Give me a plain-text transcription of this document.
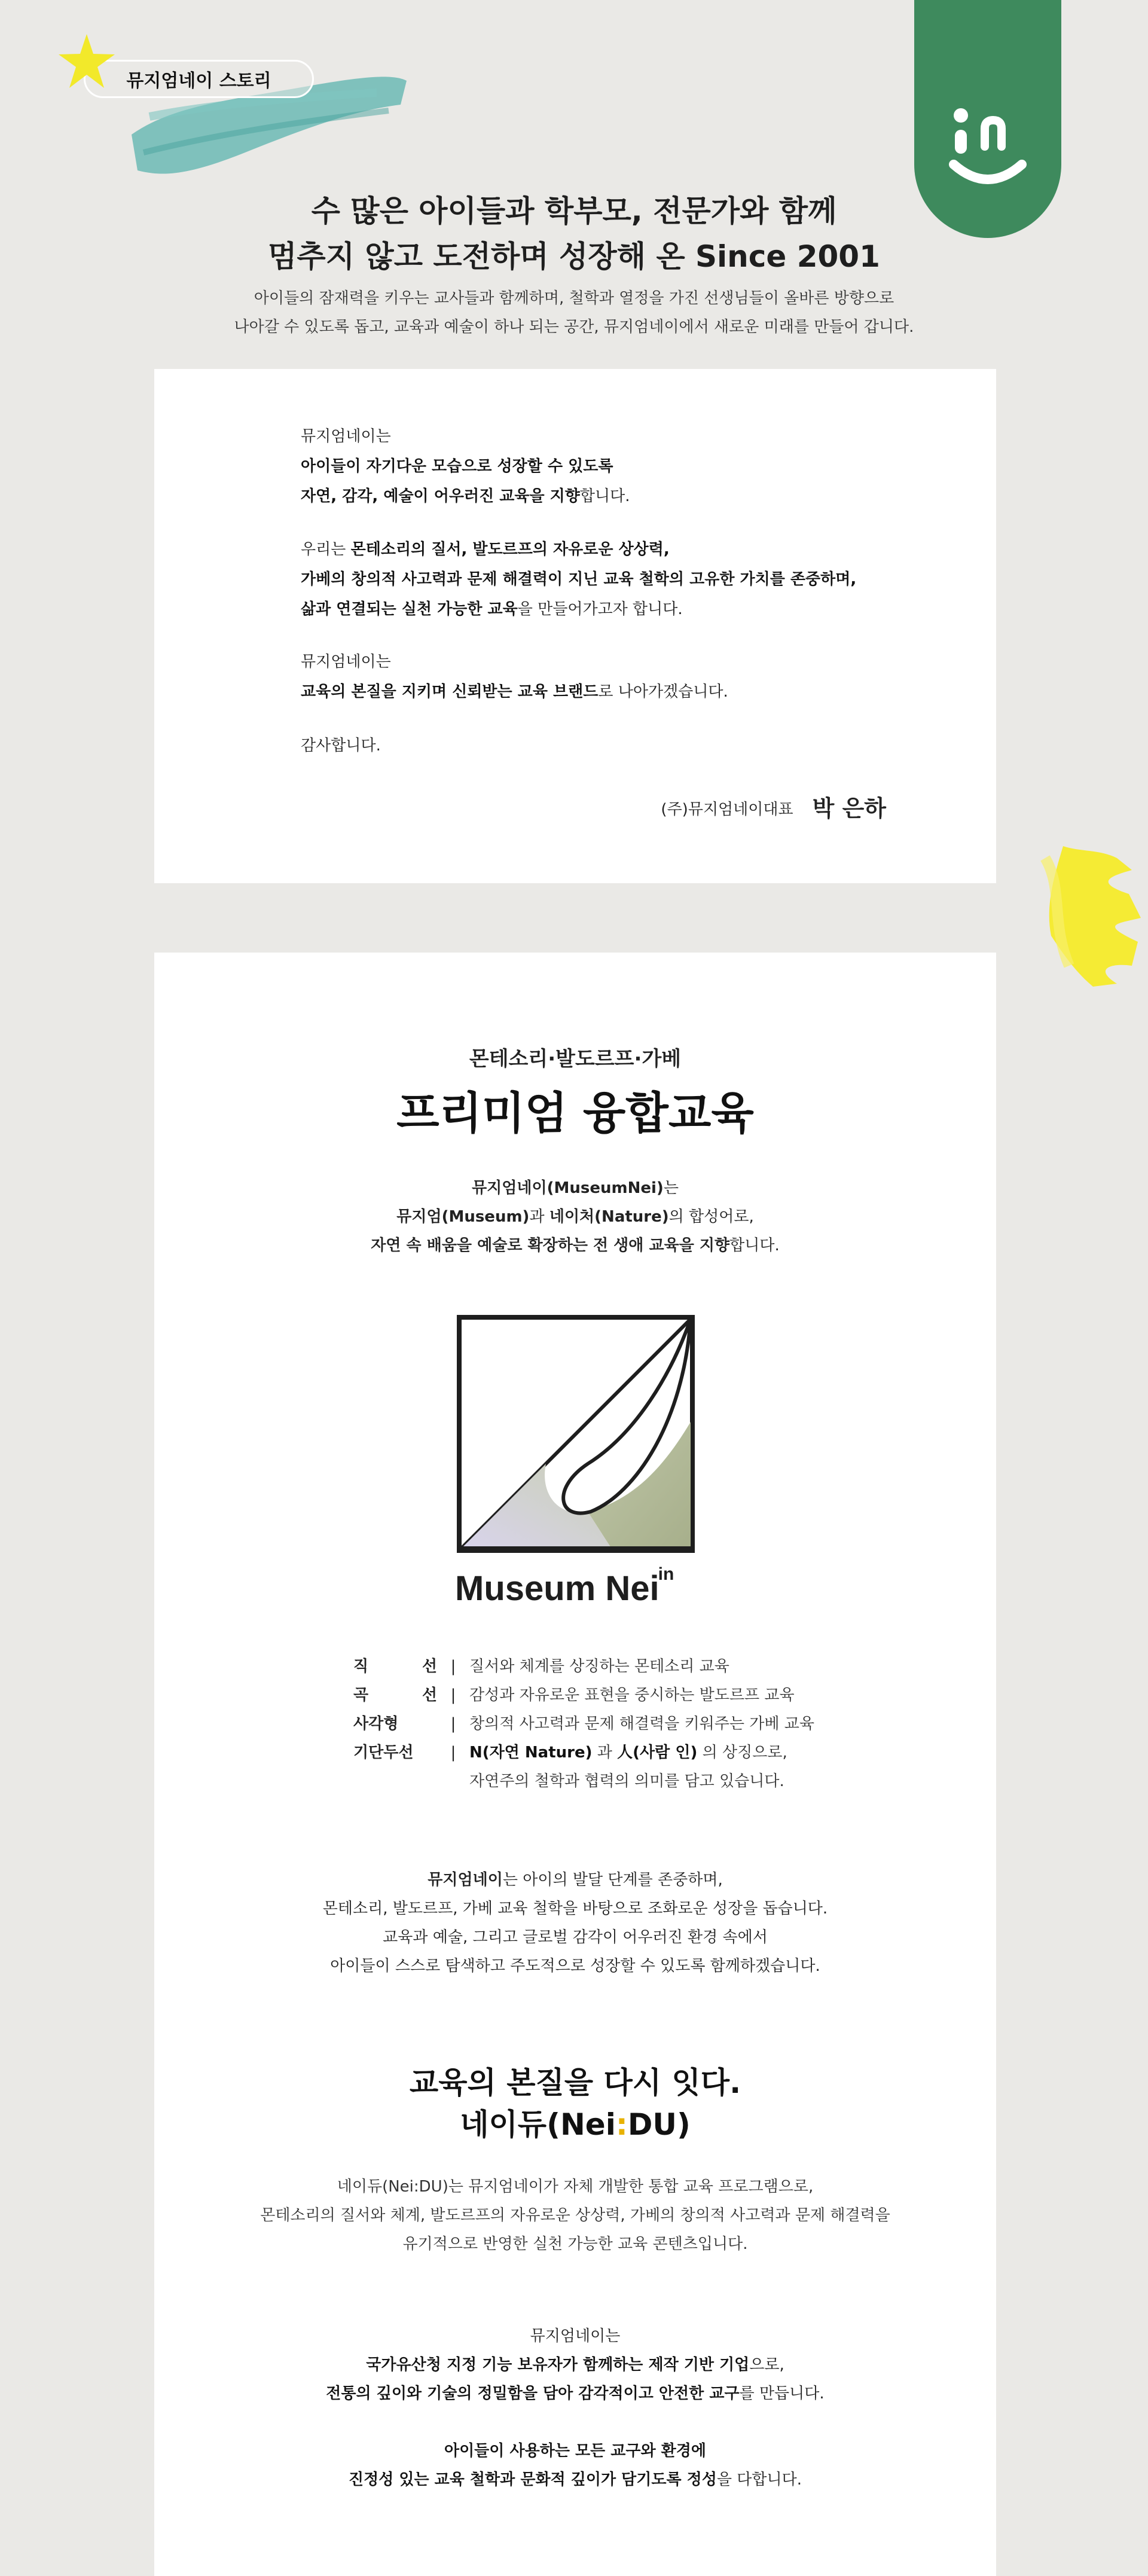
뮤지엄네이 스토리
수 많은 아이들과 학부모, 전문가와 함께
멈추지 않고 도전하며 성장해 온 Since 2001
아이들의 잠재력을 키우는 교사들과 함께하며, 철학과 열정을 가진 선생님들이 올바른 방향으로
나아갈 수 있도록 돕고, 교육과 예술이 하나 되는 공간, 뮤지엄네이에서 새로운 미래를 만들어 갑니다.
뮤지엄네이는
아이들이 자기다운 모습으로 성장할 수 있도록
자연, 감각, 예술이 어우러진 교육을 지향합니다.
우리는 몬테소리의 질서, 발도르프의 자유로운 상상력,
가베의 창의적 사고력과 문제 해결력이 지닌 교육 철학의 고유한 가치를 존중하며,
삶과 연결되는 실천 가능한 교육을 만들어가고자 합니다.
뮤지엄네이는
교육의 본질을 지키며 신뢰받는 교육 브랜드로 나아가겠습니다.
감사합니다.
(주)뮤지엄네이대표 박 은하
몬테소리·발도르프·가베
프리미엄 융합교육
뮤지엄네이(MuseumNei)는
뮤지엄(Museum)과 네이처(Nature)의 합성어로,
자연 속 배움을 예술로 확장하는 전 생애 교육을 지향합니다.
Museum Nei$^{in}$
직 선 | 질서와 체계를 상징하는 몬테소리 교육
곡 선 | 감성과 자유로운 표현을 중시하는 발도르프 교육
사각형	| 창의적 사고력과 문제 해결력을 키워주는 가베 교육
기단두선	| N(자연 Nature) 과 人(사람 인) 의 상징으로,
자연주의 철학과 협력의 의미를 담고 있습니다.
뮤지엄네이는 아이의 발달 단계를 존중하며,
몬테소리, 발도르프, 가베 교육 철학을 바탕으로 조화로운 성장을 돕습니다.
교육과 예술, 그리고 글로벌 감각이 어우러진 환경 속에서
아이들이 스스로 탐색하고 주도적으로 성장할 수 있도록 함께하겠습니다.
교육의 본질을 다시 잇다.
네이듀(Nei:DU)
네이듀(Nei:DU)는 뮤지엄네이가 자체 개발한 통합 교육 프로그램으로,
몬테소리의 질서와 체계, 발도르프의 자유로운 상상력, 가베의 창의적 사고력과 문제 해결력을
유기적으로 반영한 실천 가능한 교육 콘텐츠입니다.
뮤지엄네이는
국가유산청 지정 기능 보유자가 함께하는 제작 기반 기업으로,
전통의 깊이와 기술의 정밀함을 담아 감각적이고 안전한 교구를 만듭니다.
아이들이 사용하는 모든 교구와 환경에
진정성 있는 교육 철학과 문화적 깊이가 담기도록 정성을 다합니다.
